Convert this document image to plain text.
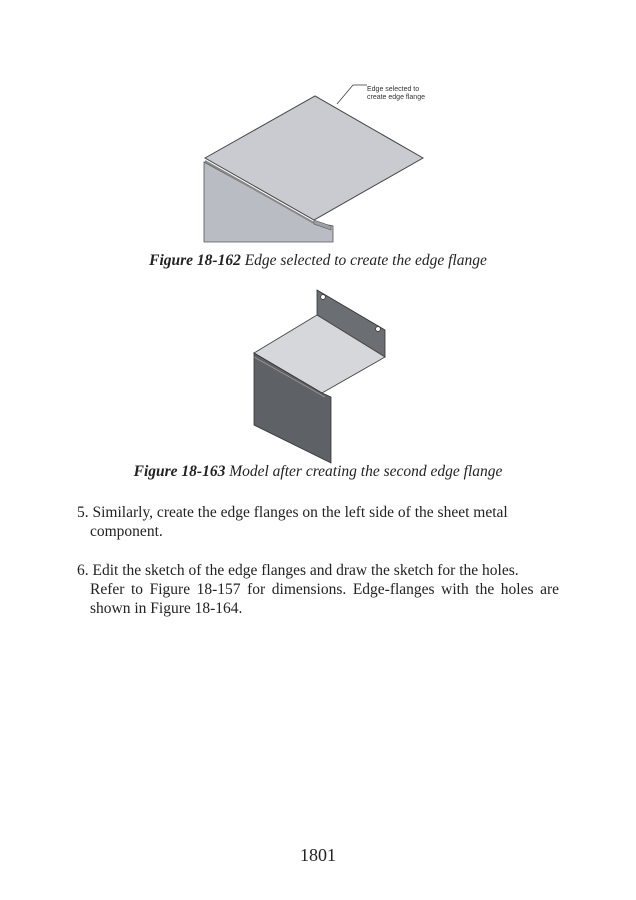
Edge selected to
create edge flange
Figure 18-162 Edge selected to create the edge flange
Figure 18-163 Model after creating the second edge flange
5. Similarly, create the edge flanges on the left side of the sheet metal
component.
6. Edit the sketch of the edge flanges and draw the sketch for the holes.
Refer to Figure 18-157 for dimensions. Edge-flanges with the holes are shown in Figure 18-164.
1801
